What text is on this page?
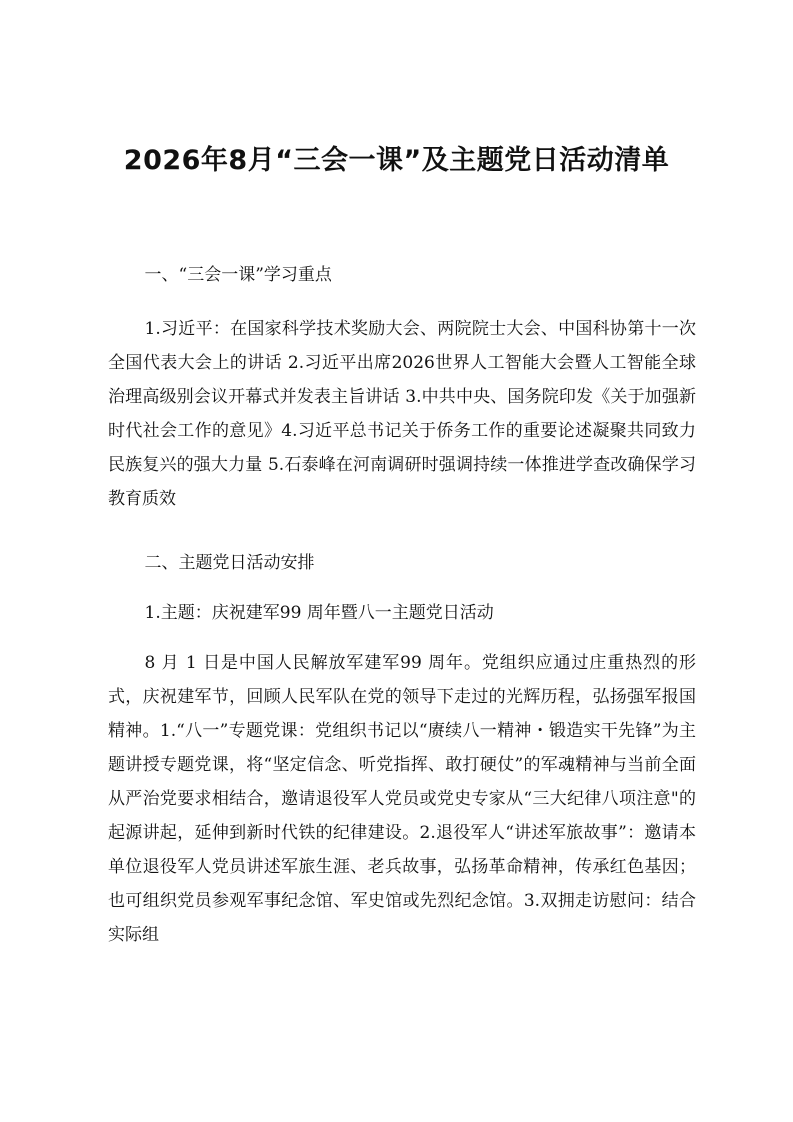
2026年8月“三会一课”及主题党日活动清单

一、“三会一课”学习重点

1.习近平：在国家科学技术奖励大会、两院院士大会、中国科协第十一次全国代表大会上的讲话 2.习近平出席2026世界人工智能大会暨人工智能全球治理高级别会议开幕式并发表主旨讲话 3.中共中央、国务院印发《关于加强新时代社会工作的意见》4.习近平总书记关于侨务工作的重要论述凝聚共同致力民族复兴的强大力量 5.石泰峰在河南调研时强调持续一体推进学查改确保学习教育质效

二、主题党日活动安排

1.主题：庆祝建军99 周年暨八一主题党日活动

8 月 1 日是中国人民解放军建军99 周年。党组织应通过庄重热烈的形式，庆祝建军节，回顾人民军队在党的领导下走过的光辉历程，弘扬强军报国精神。1.“八一”专题党课：党组织书记以“赓续八一精神・锻造实干先锋”为主题讲授专题党课，将“坚定信念、听党指挥、敢打硬仗”的军魂精神与当前全面从严治党要求相结合，邀请退役军人党员或党史专家从“三大纪律八项注意"的起源讲起，延伸到新时代铁的纪律建设。2.退役军人“讲述军旅故事”：邀请本单位退役军人党员讲述军旅生涯、老兵故事，弘扬革命精神，传承红色基因；也可组织党员参观军事纪念馆、军史馆或先烈纪念馆。3.双拥走访慰问：结合实际组
